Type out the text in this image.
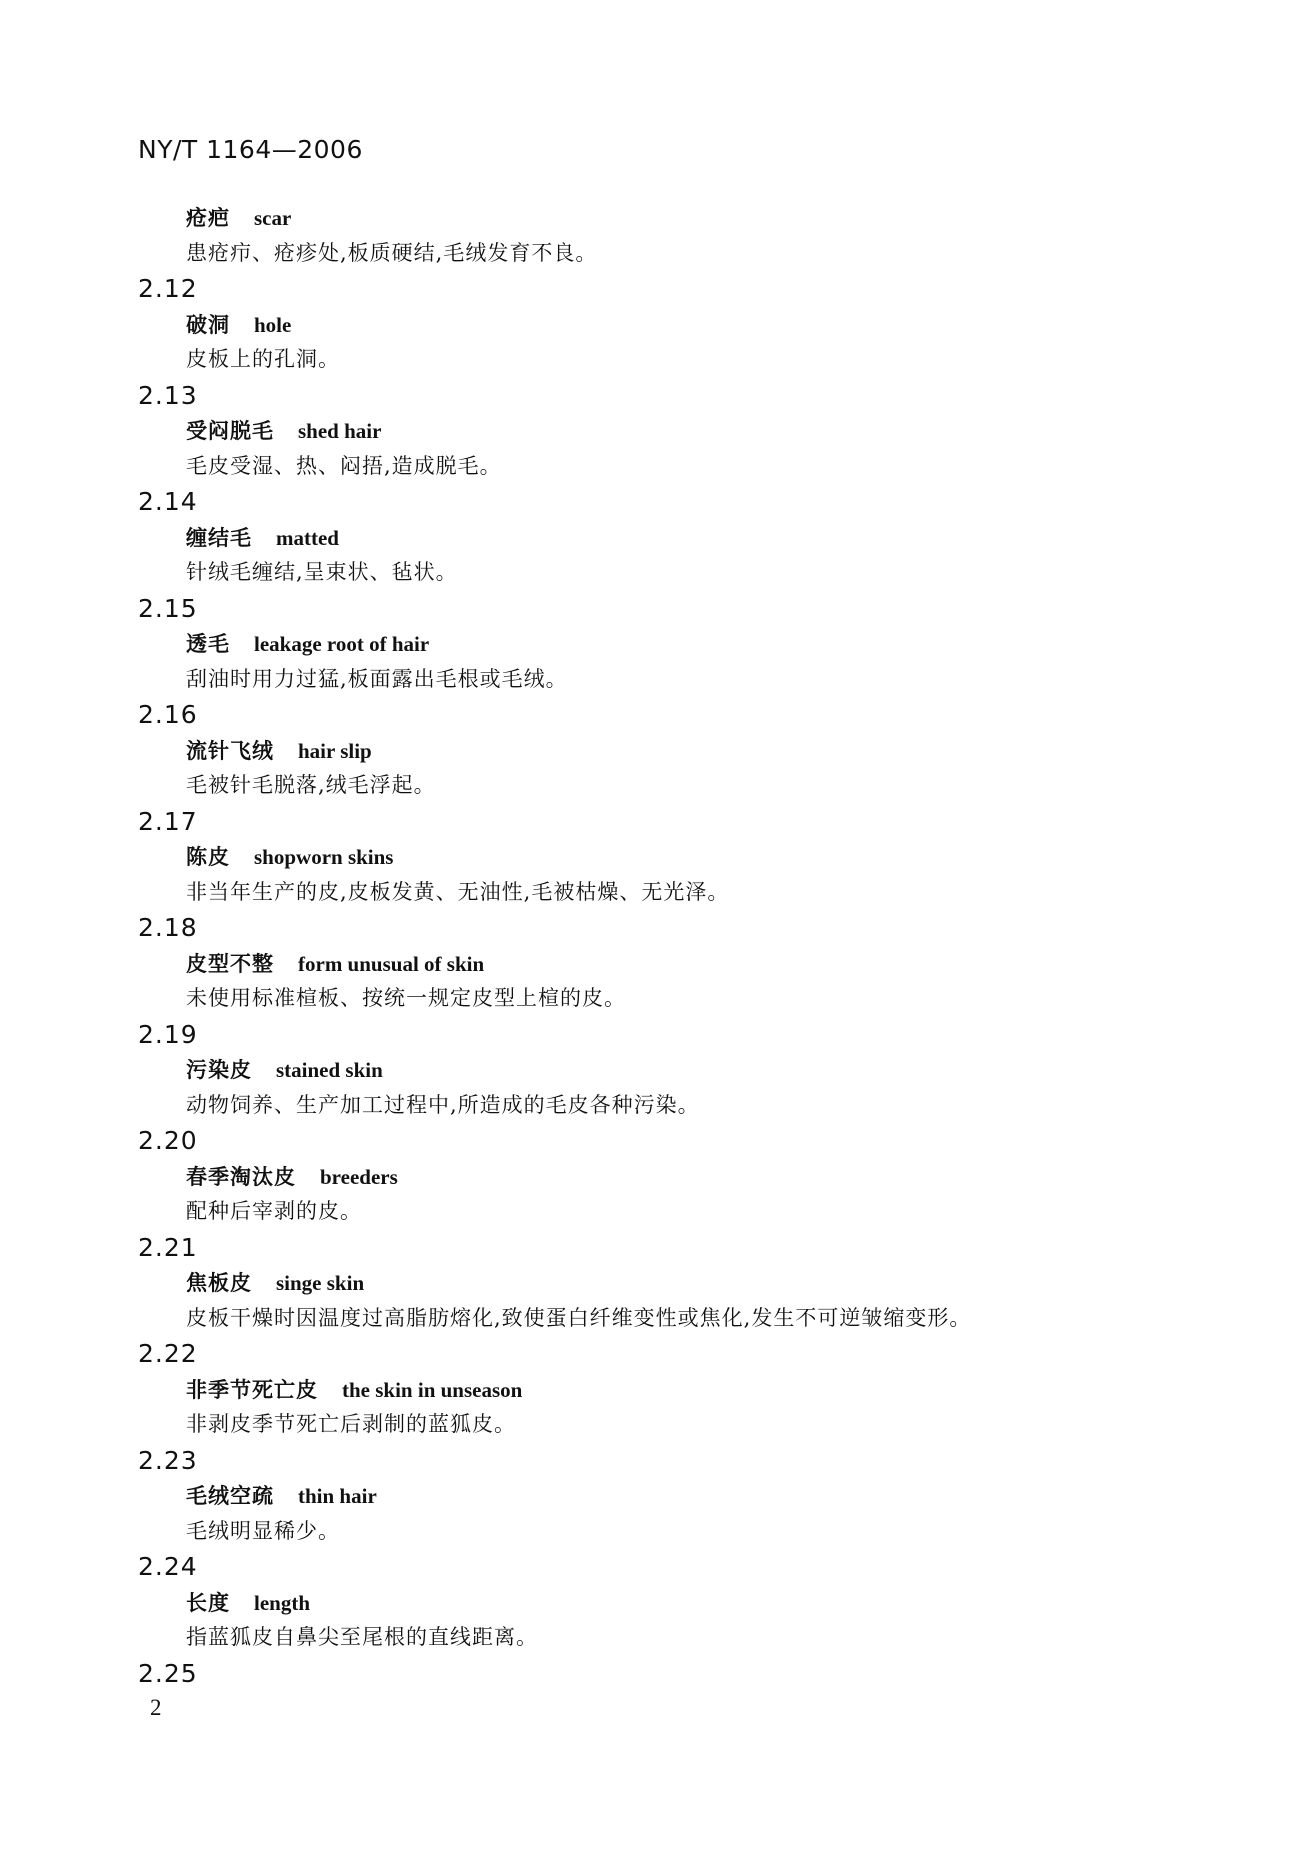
NY/T 1164—2006
疮疤 scar
患疮疖、疮疹处,板质硬结,毛绒发育不良。
2.12
破洞 hole
皮板上的孔洞。
2.13
受闷脱毛 shed hair
毛皮受湿、热、闷捂,造成脱毛。
2.14
缠结毛 matted
针绒毛缠结,呈束状、毡状。
2.15
透毛 leakage root of hair
刮油时用力过猛,板面露出毛根或毛绒。
2.16
流针飞绒 hair slip
毛被针毛脱落,绒毛浮起。
2.17
陈皮 shopworn skins
非当年生产的皮,皮板发黄、无油性,毛被枯燥、无光泽。
2.18
皮型不整 form unusual of skin
未使用标准楦板、按统一规定皮型上楦的皮。
2.19
污染皮 stained skin
动物饲养、生产加工过程中,所造成的毛皮各种污染。
2.20
春季淘汰皮 breeders
配种后宰剥的皮。
2.21
焦板皮 singe skin
皮板干燥时因温度过高脂肪熔化,致使蛋白纤维变性或焦化,发生不可逆皱缩变形。
2.22
非季节死亡皮 the skin in unseason
非剥皮季节死亡后剥制的蓝狐皮。
2.23
毛绒空疏 thin hair
毛绒明显稀少。
2.24
长度 length
指蓝狐皮自鼻尖至尾根的直线距离。
2.25
2
